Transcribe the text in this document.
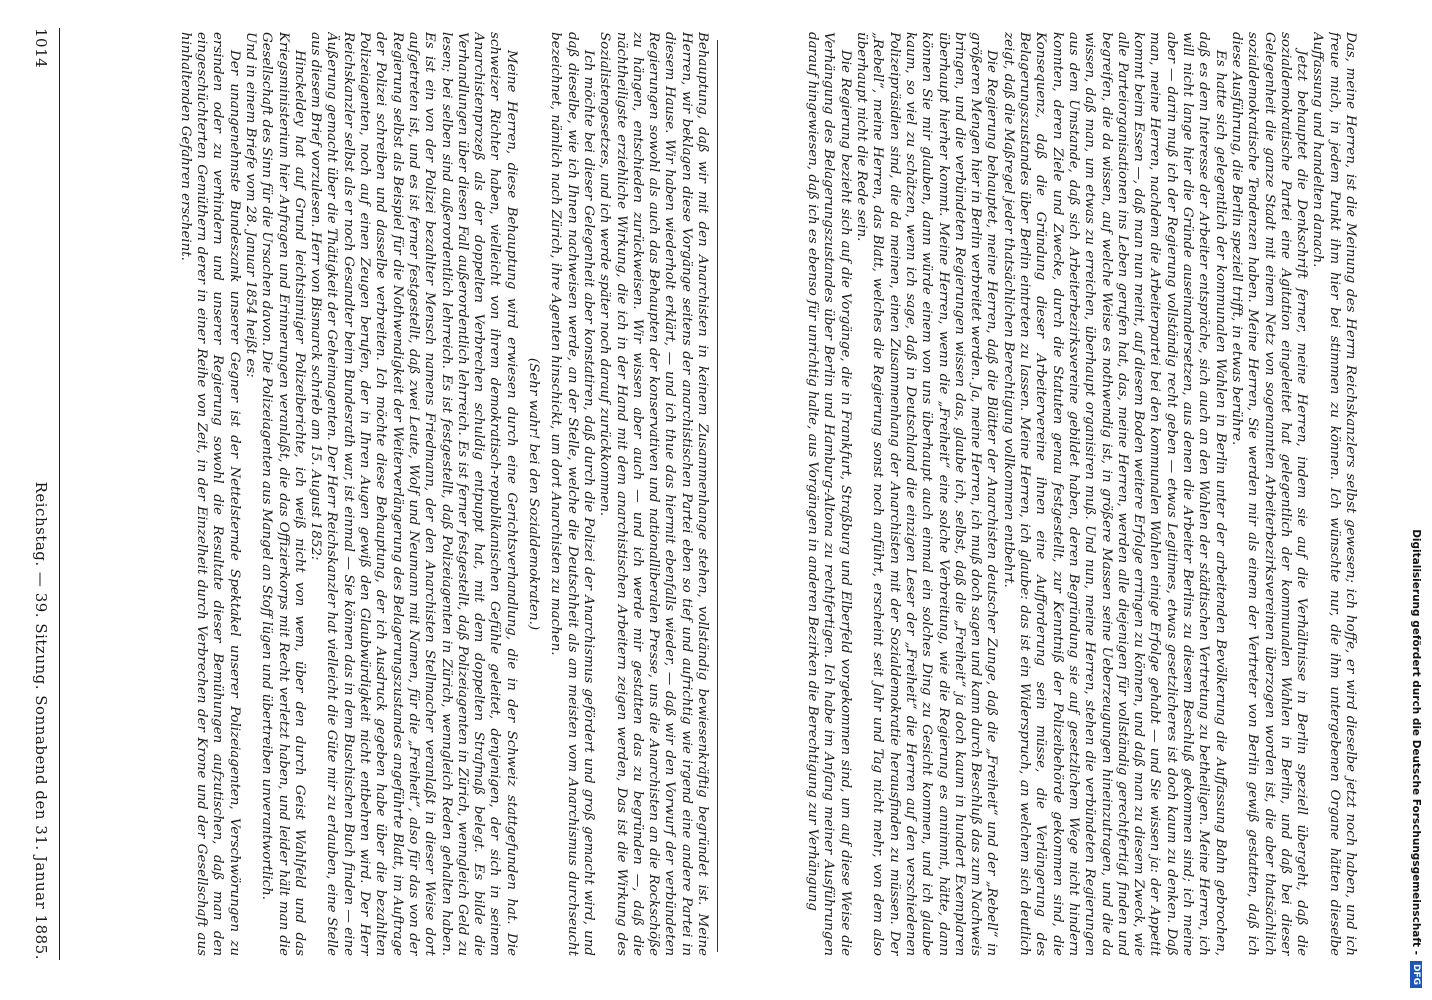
Digitalisierung gefördert durch die Deutsche Forschungsgemeinschaft -
DFG

Das, meine Herren, ist die Meinung des Herrn Reichskanzlers selbst gewesen; ich hoffe, er wird dieselbe jetzt noch haben, und ich freue mich, in jedem Punkt ihm hier bei stimmen zu können. Ich wünschte nur, die ihm untergebenen Organe hätten dieselbe Auffassung und handelten danach.

Jetzt behauptet die Denkschrift ferner, meine Herren, indem sie auf die Verhältnisse in Berlin speziell übergeht, daß die sozialdemokratische Partei eine Agitation eingeleitet hat gelegentlich der kommunalen Wahlen in Berlin, und daß bei dieser Gelegenheit die ganze Stadt mit einem Netz von sogenannten Arbeiterbezirksvereinen überzogen worden ist, die aber thatsächlich sozialdemokratische Tendenzen haben. Meine Herren, Sie werden mir als einem der Vertreter von Berlin gewiß gestatten, daß ich diese Ausführung, die Berlin speziell trifft, in etwas berühre.

Es hatte sich gelegentlich der kommunalen Wahlen in Berlin unter der arbeitenden Bevölkerung die Auffassung Bahn gebrochen, daß es dem Interesse der Arbeiter entspräche, sich auch an den Wahlen der städtischen Vertretung zu betheiligen. Meine Herren, ich will nicht lange hier die Gründe auseinandersetzen, aus denen die Arbeiter Berlins zu diesem Beschluß gekommen sind; ich meine aber — darin muß ich der Regierung vollständig recht geben — etwas Legitimes, etwas gesetzlicheres ist doch kaum zu denken. Daß man, meine Herren, nachdem die Arbeiterpartei bei den kommunalen Wahlen einige Erfolge gehabt — und Sie wissen ja: der Appetit kommt beim Essen —, daß man nun meint, auf diesem Boden weitere Erfolge erringen zu können, und daß man zu diesem Zweck, wie alle Parteiorganisationen ins Leben gerufen hat, das, meine Herren, werden alle diejenigen für vollständig gerechtfertigt finden und begreifen, die da wissen, auf welche Weise es nothwendig ist, in größere Massen seine Ueberzeugungen hineinzutragen, und die da wissen, daß man, um etwas zu erreichen, überhaupt organisiren muß. Und nun, meine Herren, stehen die verbündeten Regierungen aus dem Umstande, daß sich Arbeiterbezirksvereine gebildet haben, deren Begründung sie auf gesetzlichem Wege nicht hindern konnten, deren Ziele und Zwecke, durch die Statuten genau festgestellt, zur Kenntniß der Polizeibehörde gekommen sind, die Konsequenz, daß die Gründung dieser Arbeitervereine ihnen eine Aufforderung sein müsse, die Verlängerung des Belagerungszustandes über Berlin eintreten zu lassen. Meine Herren, ich glaube: das ist ein Widerspruch, an welchem sich deutlich zeigt, daß die Maßregel jeder thatsächlichen Berechtigung vollkommen entbehrt.

Die Regierung behauptet, meine Herren, daß die Blätter der Anarchisten deutscher Zunge, daß die „Freiheit“ und der „Rebell“ in größeren Mengen hier in Berlin verbreitet werden. Ja, meine Herren, ich muß doch sagen und kann durch Beschluß das zum Nachweis bringen, und die verbündeten Regierungen wissen das, glaube ich, selbst, daß die „Freiheit“ ja doch kaum in hundert Exemplaren überhaupt hierher kommt. Meine Herren, wenn die „Freiheit“ eine solche Verbreitung, wie die Regierung es annimmt, hätte, dann können Sie mir glauben, dann würde einem von uns überhaupt auch einmal ein solches Ding zu Gesicht kommen, und ich glaube kaum, so viel zu schätzen, wenn ich sage, daß in Deutschland die einzigen Leser der „Freiheit“ die Herren auf den verschiedenen Polizeipräsidien sind, die da meinen, einen Zusammenhang der Anarchisten mit der Sozialdemokratie herausfinden zu müssen. Der „Rebell“, meine Herren, das Blatt, welches die Regierung sonst noch anführt, erscheint seit Jahr und Tag nicht mehr, von dem also überhaupt nicht die Rede sein.

Die Regierung bezieht sich auf die Vorgänge, die in Frankfurt, Straßburg und Elberfeld vorgekommen sind, um auf diese Weise die Verhängung des Belagerungszustandes über Berlin und Hamburg-Altona zu rechtfertigen. Ich habe im Anfang meiner Ausführungen darauf hingewiesen, daß ich es ebenso für unrichtig halte, aus Vorgängen in anderen Bezirken die Berechtigung zur Verhängung

Behauptung, daß wir mit den Anarchisten in keinem Zusammenhange stehen, vollständig bewiesenkräftig begründet ist. Meine Herren, wir beklagen diese Vorgänge seitens der anarchistischen Partei eben so tief und aufrichtig wie irgend eine andere Partei in diesem Hause. Wir haben wiederholt erklärt, — und ich thue das hiermit ebenfalls wieder, — daß wir den Vorwurf der verbündeten Regierungen sowohl als auch das Behaupten der konservativen und nationalliberalen Presse, uns die Anarchisten an die Rockschöße zu hängen, entschieden zurückweisen. Wir wissen aber auch — und ich werde mir gestatten das zu begründen —, daß die nächtheiligste erziehliche Wirkung, die ich in der Hand mit dem anarchistischen Arbeitern zeigen werden, Das ist die Wirkung des Sozialistengesetzes, und ich werde später noch darauf zurückkommen.

Ich möchte bei dieser Gelegenheit aber konstatiren, daß durch die Polizei der Anarchismus gefördert und groß gemacht wird, und daß dieselbe, wie ich Ihnen nachweisen werde, an der Stelle, welche die Deutschheit als am meisten vom Anarchismus durchseucht bezeichnet, nämlich nach Zürich, ihre Agenten hinschickt, um dort Anarchisten zu machen.

(Sehr wahr! bei den Sozialdemokraten.)

Meine Herren, diese Behauptung wird erwiesen durch eine Gerichtsverhandlung, die in der Schweiz stattgefunden hat. Die schweizer Richter haben, vielleicht von ihrem demokratisch-republikanischen Gefühle geleitet, denjenigen, der sich in seinem Anarchistenprozeß als der doppelten Verbrechen schuldig entpuppt hat, mit dem doppelten Strafmaß belegt. Es bilde die Verhandlungen über diesen Fall außerordentlich lehrreich. Es ist ferner festgestellt, daß Polizeiagenten in Zürich, wenngleich Geld zu lesen; bei selben sind außerordentlich lehrreich. Es ist festgestellt, daß Polizeiagenten in Zürich, wenngleich Reden gehalten haben. Es ist ein von der Polizei bezahlter Mensch namens Friedmann, der den Anarchisten Stellmacher veranlaßt in dieser Weise dort aufgetreten ist, und es ist ferner festgestellt, daß zwei Leute, Wolf und Neumann mit Namen, für die „Freiheit“, also für das von der Regierung selbst als Beispiel für die Nothwendigkeit der Weiterverlängerung des Belagerungszustandes angeführte Blatt, im Auftrage der Polizei schreiben und dasselbe verbreiten. Ich möchte diese Behauptung, der ich Ausdruck gegeben habe über die bezahlten Polizeiagenten, noch auf einen Zeugen berufen, der in Ihren Augen gewiß den Glaubwürdigkeit nicht entbehren wird. Der Herr Reichskanzler selbst als er noch Gesandter beim Bundesrath war, ist einmal — Sie können das in dem Buschischen Buch finden — eine Äußerung gemacht über die Thätigkeit der Geheimagenten. Der Herr Reichskanzler hat vielleicht die Güte mir zu erlauben, eine Stelle aus diesem Brief vorzulesen. Herr von Bismarck schrieb am 15. August 1852:

Hinckeldey hat auf Grund leichtsinniger Polizeiberichte, ich weiß nicht von wem, über den durch Geist Wahlfeld und das Kriegsministerium hier Anfragen und Erinnerungen veranlaßt, die das Offizierkorps mit Recht verletzt haben, und leider hält man die Gesellschaft des Sinn für die Ursachen davon. Die Polizeiagenten aus Mangel an Stoff lügen und übertreiben unverantwortlich.

Und in einem Briefe vom 28. Januar 1854 heißt es:

Der unangenehmste Bundeszank unserer Gegner ist der Nettelsternde Spektakel unserer Polizeiagenten, Verschwörungen zu ersinden oder zu verhindern und unserer Regierung sowohl die Resultate dieser Bemühungen aufzutischen, daß man den eingeschüchterten Gemüthern derer in einer Reihe von Zeit, in der Einzelheit durch Verbrechen der Krone und der Gesellschaft aus hinhaltenden Gefahren erscheint.

1014
Reichstag. — 39. Sitzung. Sonnabend den 31. Januar 1885.
